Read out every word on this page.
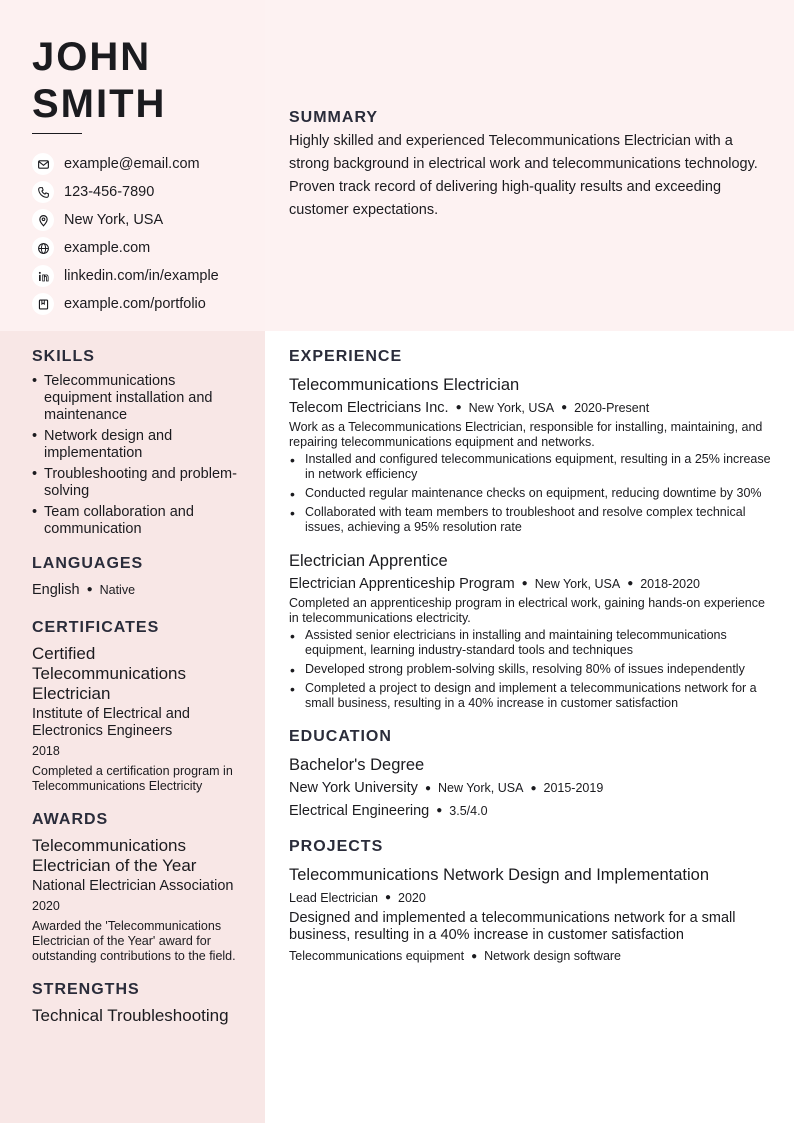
JOHN
SMITH
example@email.com
123-456-7890
New York, USA
example.com
linkedin.com/in/example
example.com/portfolio
SUMMARY

Highly skilled and experienced Telecommunications Electrician with a strong background in electrical work and telecommunications technology. Proven track record of delivering high-quality results and exceeding customer expectations.

SKILLS
• Telecommunications equipment installation and maintenance
• Network design and implementation
• Troubleshooting and problem-solving
• Team collaboration and communication
LANGUAGES

English ● Native

CERTIFICATES

Certified Telecommunications Electrician

Institute of Electrical and Electronics Engineers

2018

Completed a certification program in Telecommunications Electricity

AWARDS

Telecommunications Electrician of the Year

National Electrician Association

2020

Awarded the 'Telecommunications Electrician of the Year' award for outstanding contributions to the field.

STRENGTHS

Technical Troubleshooting

EXPERIENCE

Telecommunications Electrician

Telecom Electricians Inc. ● New York, USA ● 2020-Present

Work as a Telecommunications Electrician, responsible for installing, maintaining, and repairing telecommunications equipment and networks.

• Installed and configured telecommunications equipment, resulting in a 25% increase in network efficiency
• Conducted regular maintenance checks on equipment, reducing downtime by 30%
• Collaborated with team members to troubleshoot and resolve complex technical issues, achieving a 95% resolution rate

Electrician Apprentice

Electrician Apprenticeship Program ● New York, USA ● 2018-2020

Completed an apprenticeship program in electrical work, gaining hands-on experience in telecommunications electricity.

• Assisted senior electricians in installing and maintaining telecommunications equipment, learning industry-standard tools and techniques
• Developed strong problem-solving skills, resolving 80% of issues independently
• Completed a project to design and implement a telecommunications network for a small business, resulting in a 40% increase in customer satisfaction
EDUCATION

Bachelor's Degree

New York University ● New York, USA ● 2015-2019

Electrical Engineering ● 3.5/4.0

PROJECTS

Telecommunications Network Design and Implementation

Lead Electrician ● 2020

Designed and implemented a telecommunications network for a small business, resulting in a 40% increase in customer satisfaction

Telecommunications equipment ● Network design software
